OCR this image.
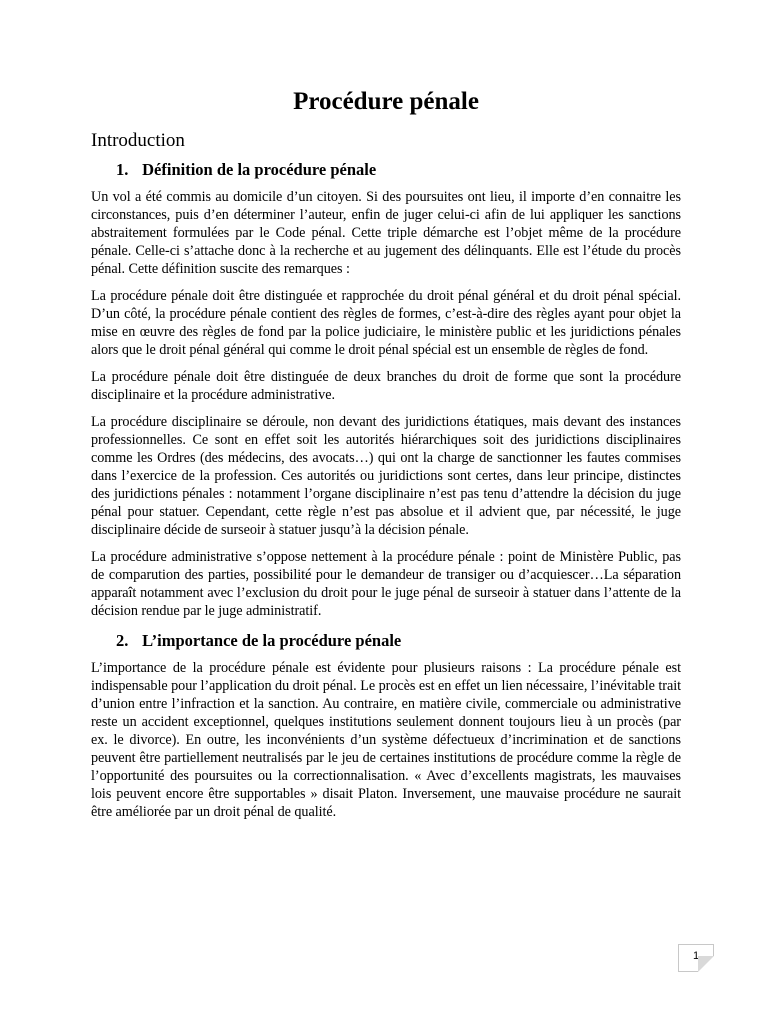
Procédure pénale
Introduction
1. Définition de la procédure pénale

Un vol a été commis au domicile d’un citoyen. Si des poursuites ont lieu, il importe d’en connaitre les circonstances, puis d’en déterminer l’auteur, enfin de juger celui-ci afin de lui appliquer les sanctions abstraitement formulées par le Code pénal. Cette triple démarche est l’objet même de la procédure pénale. Celle-ci s’attache donc à la recherche et au jugement des délinquants. Elle est l’étude du procès pénal. Cette définition suscite des remarques :

La procédure pénale doit être distinguée et rapprochée du droit pénal général et du droit pénal spécial. D’un côté, la procédure pénale contient des règles de formes, c’est-à-dire des règles ayant pour objet la mise en œuvre des règles de fond par la police judiciaire, le ministère public et les juridictions pénales alors que le droit pénal général qui comme le droit pénal spécial est un ensemble de règles de fond.

La procédure pénale doit être distinguée de deux branches du droit de forme que sont la procédure disciplinaire et la procédure administrative.

La procédure disciplinaire se déroule, non devant des juridictions étatiques, mais devant des instances professionnelles. Ce sont en effet soit les autorités hiérarchiques soit des juridictions disciplinaires comme les Ordres (des médecins, des avocats…) qui ont la charge de sanctionner les fautes commises dans l’exercice de la profession. Ces autorités ou juridictions sont certes, dans leur principe, distinctes des juridictions pénales : notamment l’organe disciplinaire n’est pas tenu d’attendre la décision du juge pénal pour statuer. Cependant, cette règle n’est pas absolue et il advient que, par nécessité, le juge disciplinaire décide de surseoir à statuer jusqu’à la décision pénale.

La procédure administrative s’oppose nettement à la procédure pénale : point de Ministère Public, pas de comparution des parties, possibilité pour le demandeur de transiger ou d’acquiescer…La séparation apparaît notamment avec l’exclusion du droit pour le juge pénal de surseoir à statuer dans l’attente de la décision rendue par le juge administratif.

2. L’importance de la procédure pénale

L’importance de la procédure pénale est évidente pour plusieurs raisons : La procédure pénale est indispensable pour l’application du droit pénal. Le procès est en effet un lien nécessaire, l’inévitable trait d’union entre l’infraction et la sanction. Au contraire, en matière civile, commerciale ou administrative reste un accident exceptionnel, quelques institutions seulement donnent toujours lieu à un procès (par ex. le divorce). En outre, les inconvénients d’un système défectueux d’incrimination et de sanctions peuvent être partiellement neutralisés par le jeu de certaines institutions de procédure comme la règle de l’opportunité des poursuites ou la correctionnalisation. « Avec d’excellents magistrats, les mauvaises lois peuvent encore être supportables » disait Platon. Inversement, une mauvaise procédure ne saurait être améliorée par un droit pénal de qualité.

1
